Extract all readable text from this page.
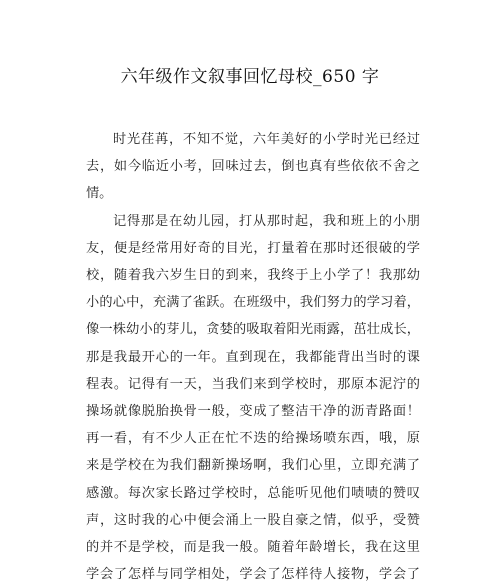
六年级作文叙事回忆母校_650 字
时光荏苒，不知不觉，六年美好的小学时光已经过
去，如今临近小考，回味过去，倒也真有些依依不舍之
情。
记得那是在幼儿园，打从那时起，我和班上的小朋
友，便是经常用好奇的目光，打量着在那时还很破的学
校，随着我六岁生日的到来，我终于上小学了！我那幼
小的心中，充满了雀跃。在班级中，我们努力的学习着，
像一株幼小的芽儿，贪婪的吸取着阳光雨露，茁壮成长，
那是我最开心的一年。直到现在，我都能背出当时的课
程表。记得有一天，当我们来到学校时，那原本泥泞的
操场就像脱胎换骨一般，变成了整洁干净的沥青路面！
再一看，有不少人正在忙不迭的给操场喷东西，哦，原
来是学校在为我们翻新操场啊，我们心里，立即充满了
感激。每次家长路过学校时，总能听见他们啧啧的赞叹
声，这时我的心中便会涌上一股自豪之情，似乎，受赞
的并不是学校，而是我一般。随着年龄增长，我在这里
学会了怎样与同学相处，学会了怎样待人接物，学会了
